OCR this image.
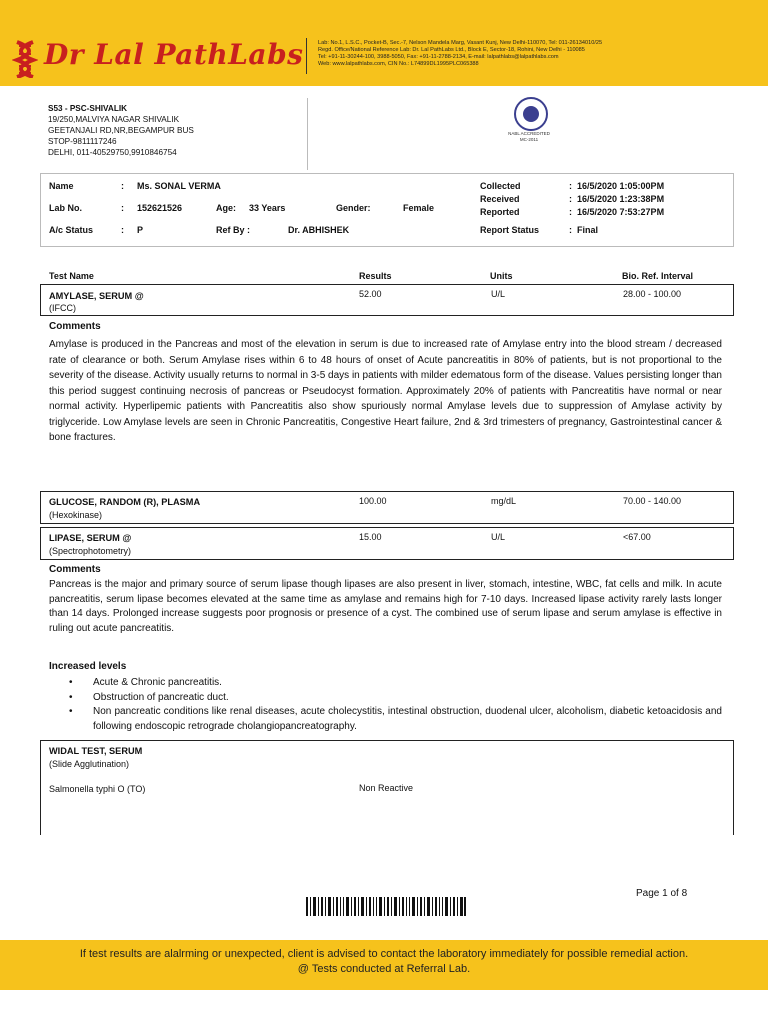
Dr Lal PathLabs	Lab: No.1, L.S.C., Pocket-B, Sec.-7, Nelson Mandela Marg, Vasant Kunj, New Delhi-110070, Tel: 011-26134010/25
Regd. Office/National Reference Lab: Dr. Lal PathLabs Ltd., Block E, Sector-18, Rohini, New Delhi - 110085
Tel: +91-11-30244-100, 3988-5050, Fax: +91-11-2788-2134, E-mail: lalpathlabs@lalpathlabs.com
Web: www.lalpathlabs.com, CIN No.: L74899DL1995PLC065388
S53 - PSC-SHIVALIK
19/250,MALVIYA NAGAR SHIVALIK
GEETANJALI RD,NR,BEGAMPUR BUS
STOP-9811117246
DELHI, 011-40529750,9910846754
NABL ACCREDITED
MC-2011
Name	: Ms. SONAL VERMA
Lab No.	: 152621526	Age: 33 Years	Gender:	Female
A/c Status	: P	Ref By :	Dr. ABHISHEK
Collected	: 16/5/2020 1:05:00PM
Received	: 16/5/2020 1:23:38PM
Reported	: 16/5/2020 7:53:27PM
Report Status	: Final
Test Name	Results	Units	Bio. Ref. Interval
AMYLASE, SERUM @
(IFCC)
52.00	U/L	28.00 - 100.00
Comments
Amylase is produced in the Pancreas and most of the elevation in serum is due to increased rate of Amylase entry into the blood stream / decreased rate of clearance or both. Serum Amylase rises within 6 to 48 hours of onset of Acute pancreatitis in 80% of patients, but is not proportional to the severity of the disease. Activity usually returns to normal in 3-5 days in patients with milder edematous form of the disease. Values persisting longer than this period suggest continuing necrosis of pancreas or Pseudocyst formation. Approximately 20% of patients with Pancreatitis have normal or near normal activity. Hyperlipemic patients with Pancreatitis also show spuriously normal Amylase levels due to suppression of Amylase activity by triglyceride. Low Amylase levels are seen in Chronic Pancreatitis, Congestive Heart failure, 2nd & 3rd trimesters of pregnancy, Gastrointestinal cancer & bone fractures.
GLUCOSE, RANDOM (R), PLASMA
(Hexokinase)
100.00	mg/dL	70.00 - 140.00
LIPASE, SERUM @
(Spectrophotometry)
15.00	U/L	<67.00
Comments
Pancreas is the major and primary source of serum lipase though lipases are also present in liver, stomach, intestine, WBC, fat cells and milk. In acute pancreatitis, serum lipase becomes elevated at the same time as amylase and remains high for 7-10 days. Increased lipase activity rarely lasts longer than 14 days. Prolonged increase suggests poor prognosis or presence of a cyst. The combined use of serum lipase and serum amylase is effective in ruling out acute pancreatitis.
Increased levels
• Acute & Chronic pancreatitis.
• Obstruction of pancreatic duct.
• Non pancreatic conditions like renal diseases, acute cholecystitis, intestinal obstruction, duodenal ulcer, alcoholism, diabetic ketoacidosis and following endoscopic retrograde cholangiopancreatography.
WIDAL TEST, SERUM
(Slide Agglutination)
Salmonella typhi O (TO)	Non Reactive
Page 1 of 8
If test results are alalrming or unexpected, client is advised to contact the laboratory immediately for possible remedial action.
@ Tests conducted at Referral Lab.
